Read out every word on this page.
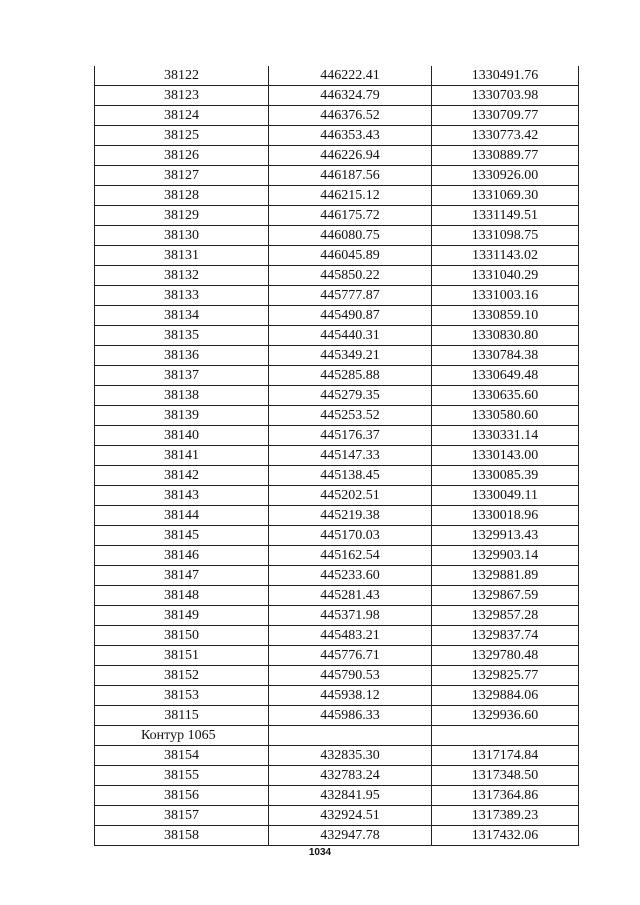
38122	446222.41	1330491.76
38123	446324.79	1330703.98
38124	446376.52	1330709.77
38125	446353.43	1330773.42
38126	446226.94	1330889.77
38127	446187.56	1330926.00
38128	446215.12	1331069.30
38129	446175.72	1331149.51
38130	446080.75	1331098.75
38131	446045.89	1331143.02
38132	445850.22	1331040.29
38133	445777.87	1331003.16
38134	445490.87	1330859.10
38135	445440.31	1330830.80
38136	445349.21	1330784.38
38137	445285.88	1330649.48
38138	445279.35	1330635.60
38139	445253.52	1330580.60
38140	445176.37	1330331.14
38141	445147.33	1330143.00
38142	445138.45	1330085.39
38143	445202.51	1330049.11
38144	445219.38	1330018.96
38145	445170.03	1329913.43
38146	445162.54	1329903.14
38147	445233.60	1329881.89
38148	445281.43	1329867.59
38149	445371.98	1329857.28
38150	445483.21	1329837.74
38151	445776.71	1329780.48
38152	445790.53	1329825.77
38153	445938.12	1329884.06
38115	445986.33	1329936.60
Контур 1065		
38154	432835.30	1317174.84
38155	432783.24	1317348.50
38156	432841.95	1317364.86
38157	432924.51	1317389.23
38158	432947.78	1317432.06
1034
